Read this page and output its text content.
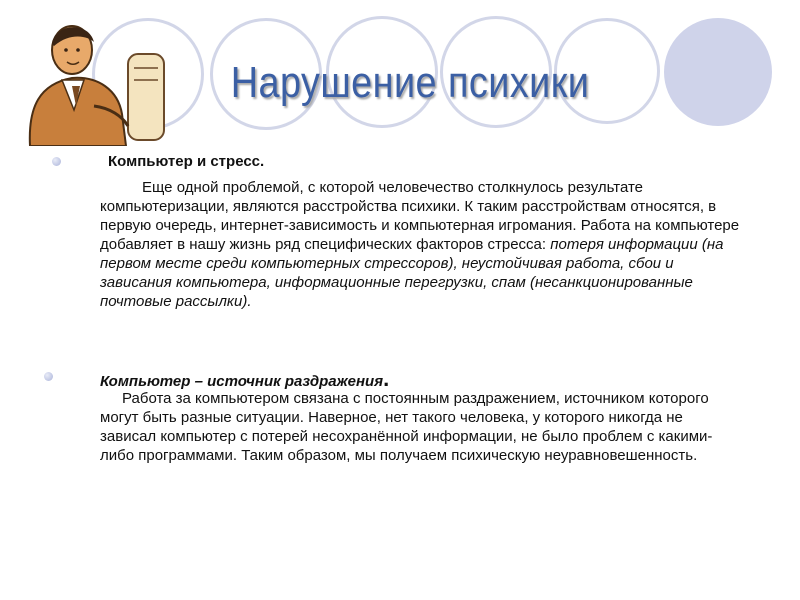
Нарушение психики
Компьютер и стресс.

Еще одной проблемой, с которой человечество столкнулось результате компьютеризации, являются расстройства психики. К таким расстройствам относятся, в первую очередь, интернет-зависимость и компьютерная игромания. Работа на компьютере добавляет в нашу жизнь ряд специфических факторов стресса: потеря информации (на первом месте среди компьютерных стрессоров), неустойчивая работа, сбои и зависания компьютера, информационные перегрузки, спам (несанкционированные почтовые рассылки).

Компьютер – источник раздражения.

Работа за компьютером связана с постоянным раздражением, источником которого могут быть разные ситуации. Наверное, нет такого человека, у которого никогда не зависал компьютер с потерей несохранённой информации, не было проблем с какими-либо программами. Таким образом, мы получаем психическую неуравновешенность.
